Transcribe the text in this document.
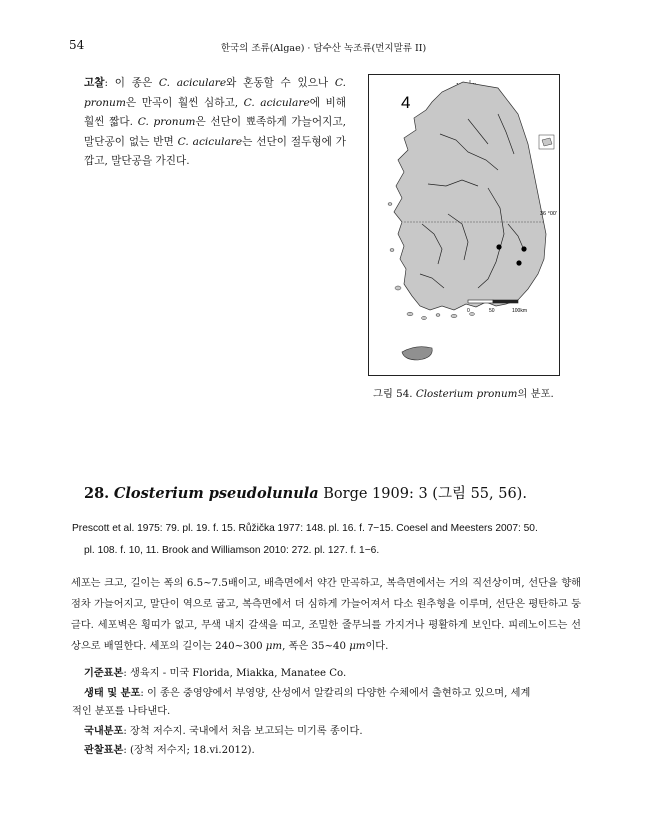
54	한국의 조류(Algae) · 담수산 녹조류(먼지말류 II)
고찰: 이 종은 C. aciculare와 혼동할 수 있으나 C. pronum은 만곡이 훨씬 심하고, C. aciculare에 비해 훨씬 짧다. C. pronum은 선단이 뾰족하게 가늘어지고, 말단공이 없는 반면 C. aciculare는 선단이 절두형에 가깝고, 말단공을 가진다.
4
36 °00'
0	50	100km
그림 54. Closterium pronum의 분포.
28. Closterium pseudolunula Borge 1909: 3 (그림 55, 56).
Prescott et al. 1975: 79. pl. 19. f. 15. Růžička 1977: 148. pl. 16. f. 7−15. Coesel and Meesters 2007: 50.
pl. 108. f. 10, 11. Brook and Williamson 2010: 272. pl. 127. f. 1−6.
세포는 크고, 길이는 폭의 6.5~7.5배이고, 배측면에서 약간 만곡하고, 복측면에서는 거의 직선상이며, 선단을 향해 점차 가늘어지고, 말단이 역으로 굽고, 복측면에서 더 심하게 가늘어져서 다소 원추형을 이루며, 선단은 평탄하고 둥글다. 세포벽은 횡띠가 없고, 무색 내지 갈색을 띠고, 조밀한 줄무늬를 가지거나 평활하게 보인다. 피레노이드는 선상으로 배열한다. 세포의 길이는 240~300 μm, 폭은 35~40 μm이다.

기준표본: 생육지 - 미국 Florida, Miakka, Manatee Co.

생태 및 분포: 이 종은 중영양에서 부영양, 산성에서 알칼리의 다양한 수체에서 출현하고 있으며, 세계

적인 분포를 나타낸다.

국내분포: 장척 저수지. 국내에서 처음 보고되는 미기록 종이다.

관찰표본: (장척 저수지; 18.vi.2012).
